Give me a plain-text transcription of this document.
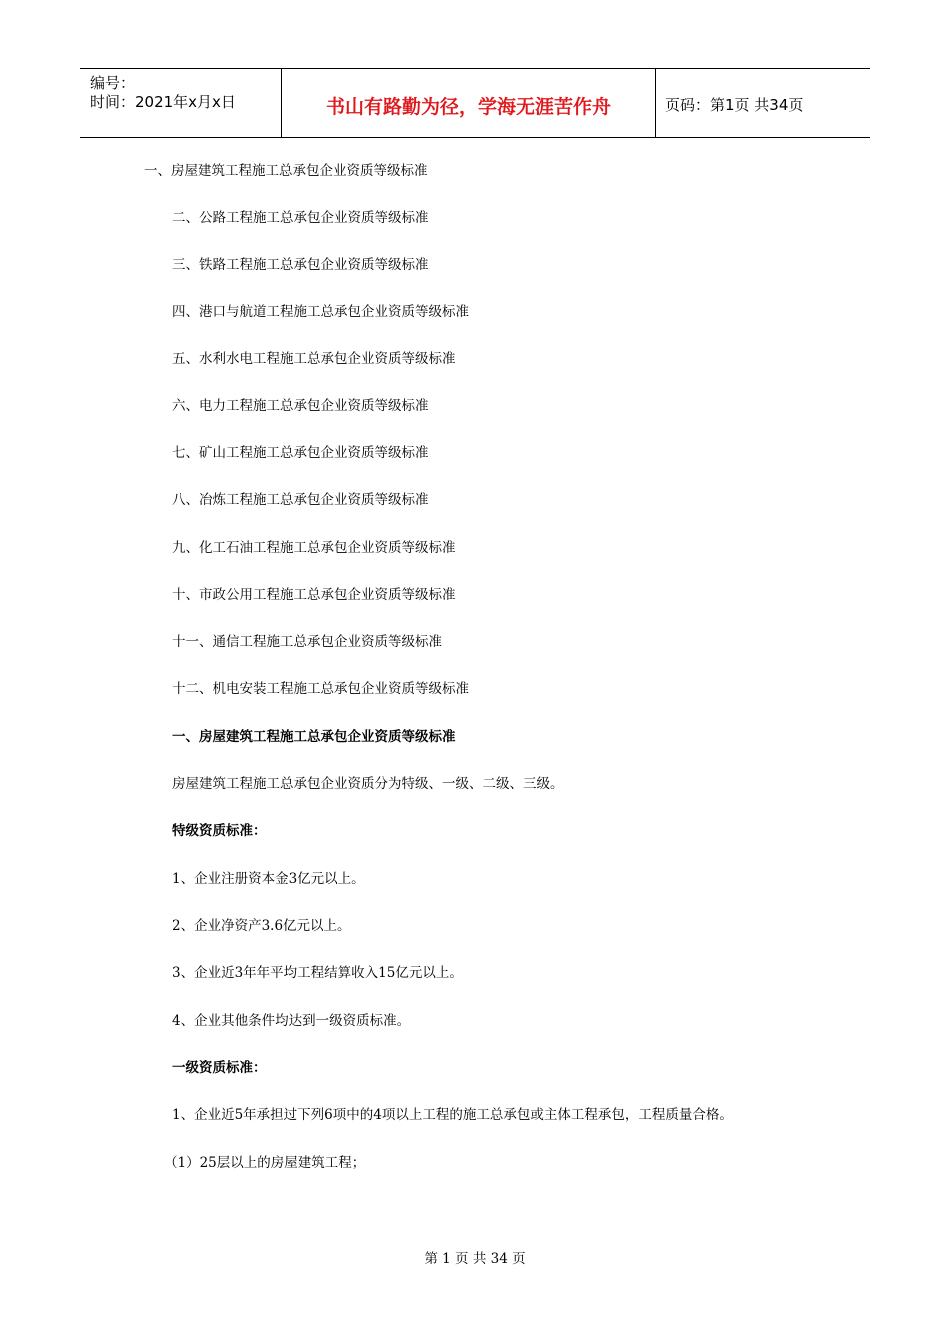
编号：
时间：2021年x月x日	书山有路勤为径，学海无涯苦作舟	页码：第1页 共34页
一、房屋建筑工程施工总承包企业资质等级标准
二、公路工程施工总承包企业资质等级标准
三、铁路工程施工总承包企业资质等级标准
四、港口与航道工程施工总承包企业资质等级标准
五、水利水电工程施工总承包企业资质等级标准
六、电力工程施工总承包企业资质等级标准
七、矿山工程施工总承包企业资质等级标准
八、冶炼工程施工总承包企业资质等级标准
九、化工石油工程施工总承包企业资质等级标准
十、市政公用工程施工总承包企业资质等级标准
十一、通信工程施工总承包企业资质等级标准
十二、机电安装工程施工总承包企业资质等级标准
一、房屋建筑工程施工总承包企业资质等级标准
房屋建筑工程施工总承包企业资质分为特级、一级、二级、三级。
特级资质标准：
1、企业注册资本金3亿元以上。
2、企业净资产3.6亿元以上。
3、企业近3年年平均工程结算收入15亿元以上。
4、企业其他条件均达到一级资质标准。
一级资质标准：
1、企业近5年承担过下列6项中的4项以上工程的施工总承包或主体工程承包，工程质量合格。
（1）25层以上的房屋建筑工程；
第 1 页 共 34 页
